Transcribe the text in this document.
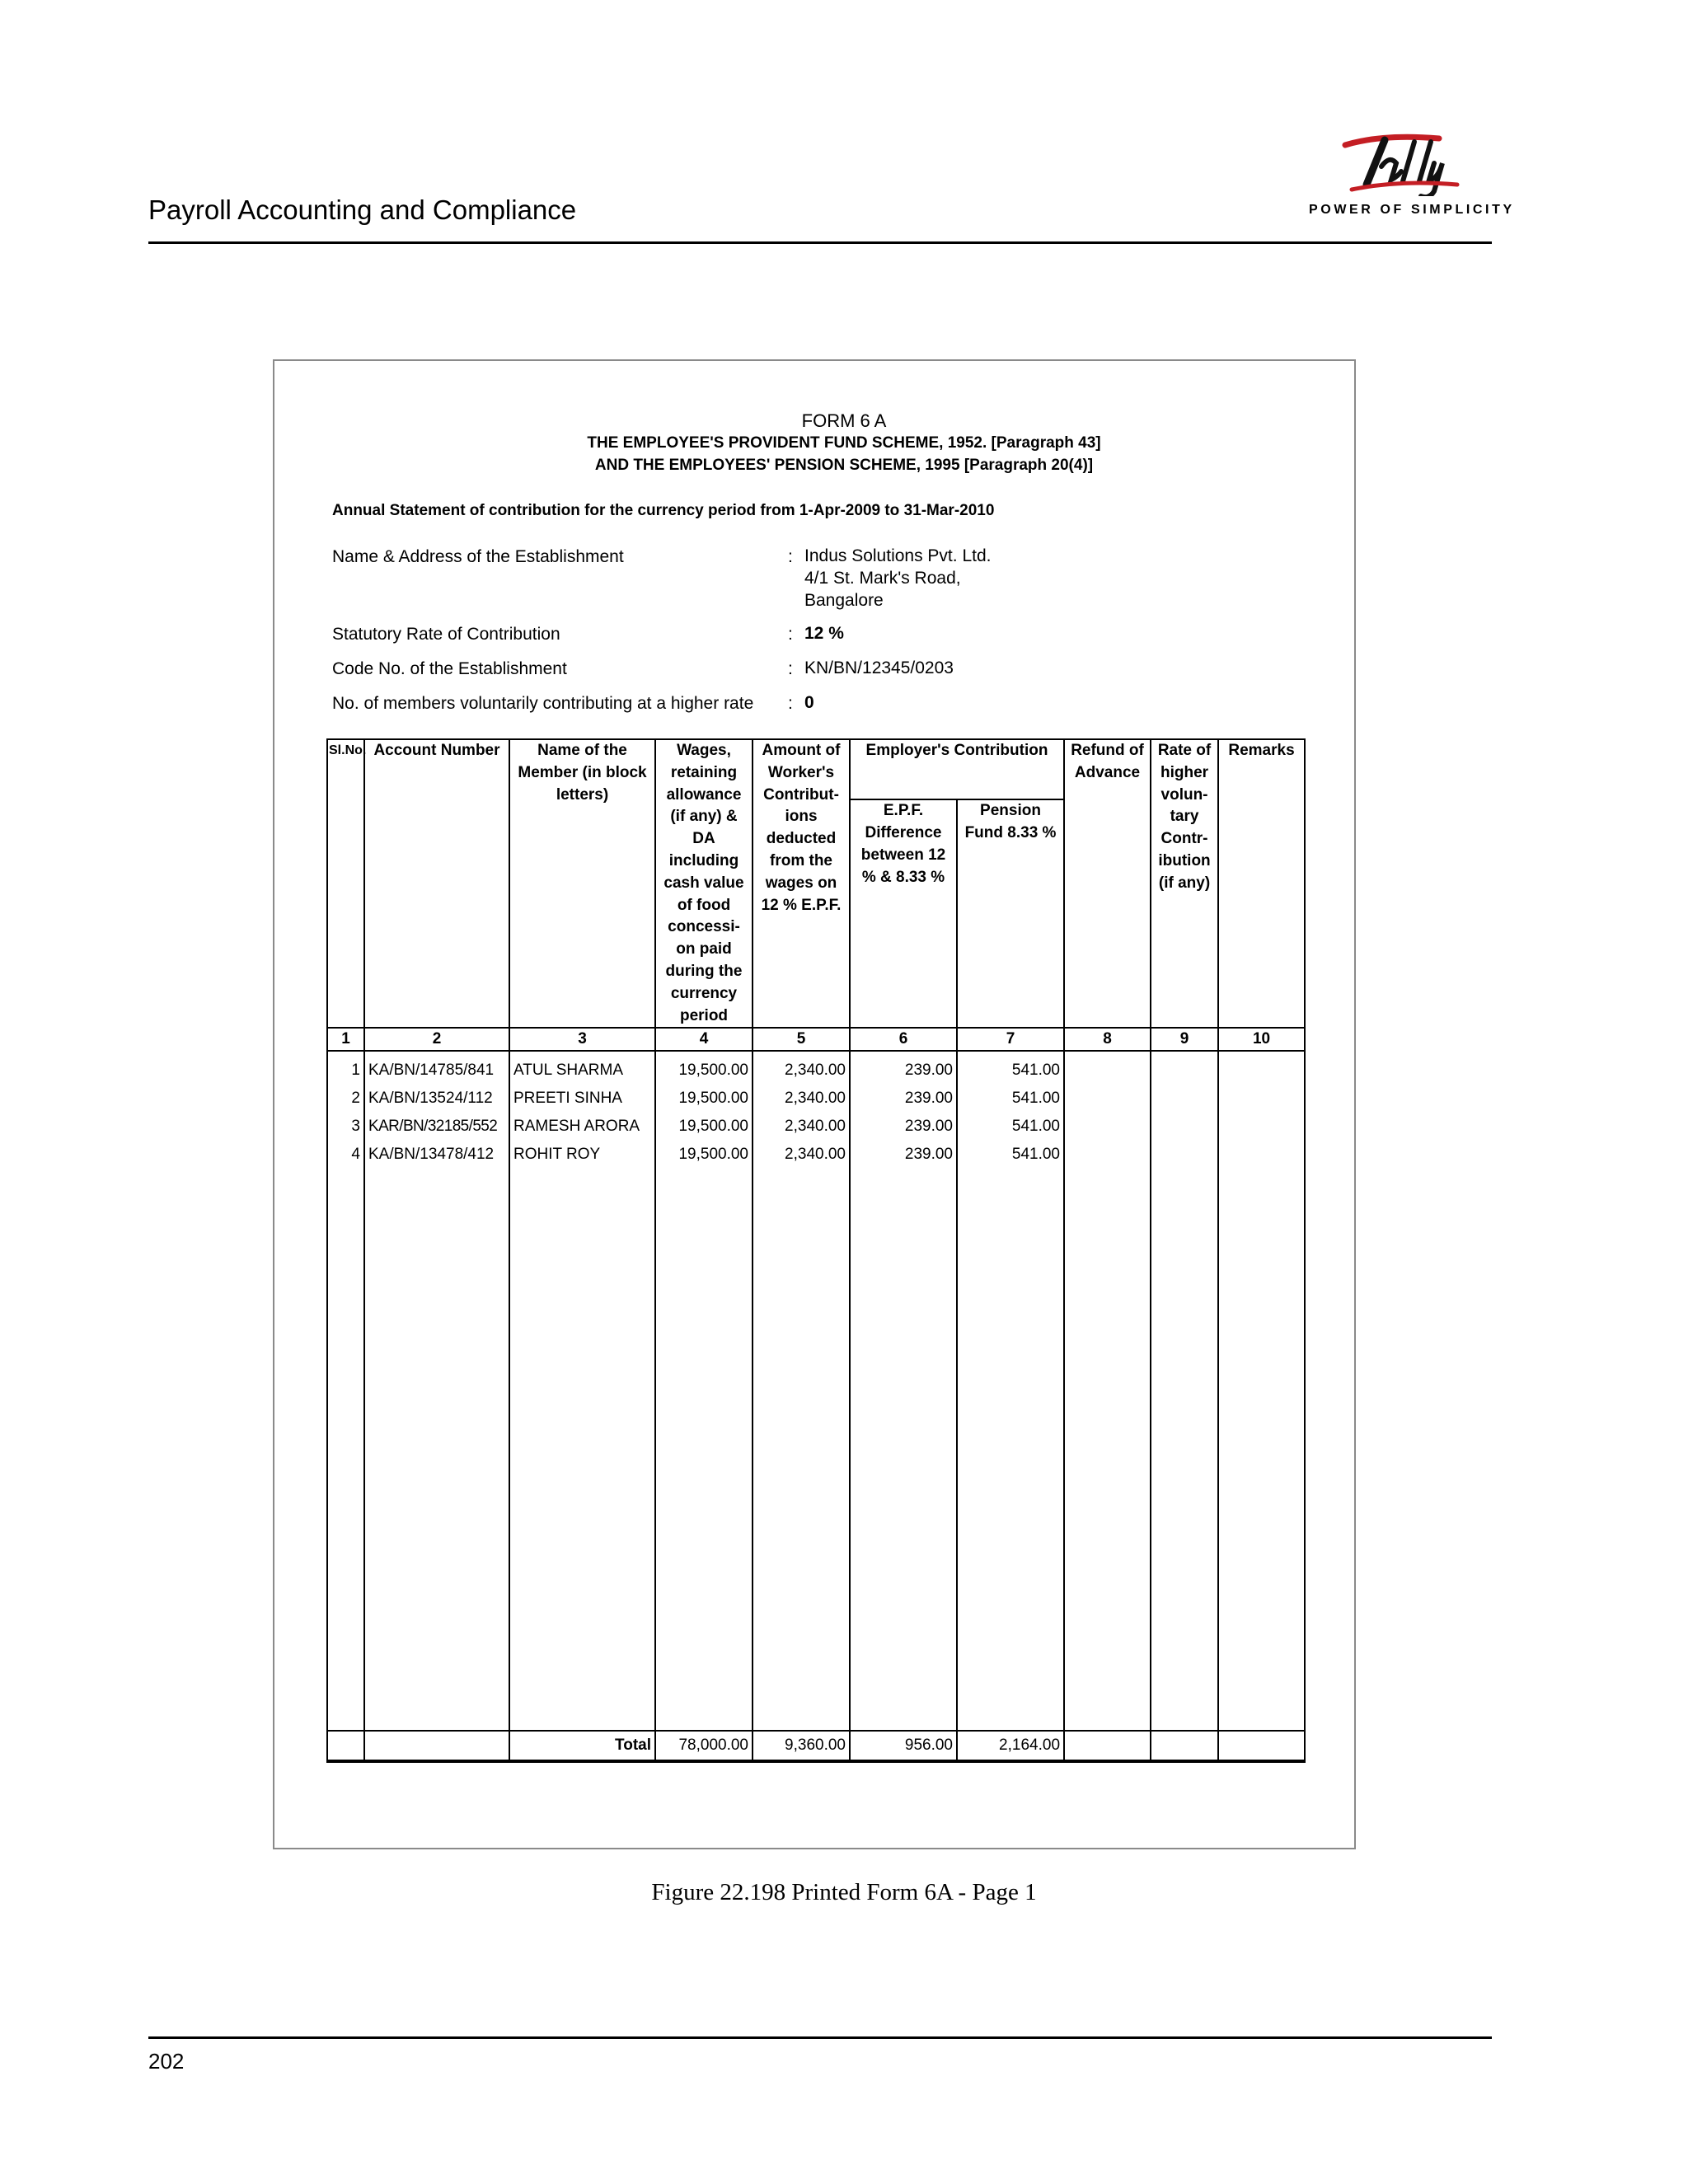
Payroll Accounting and Compliance	POWER OF SIMPLICITY
FORM 6 A
THE EMPLOYEE'S PROVIDENT FUND SCHEME, 1952. [Paragraph 43]
AND THE EMPLOYEES' PENSION SCHEME, 1995 [Paragraph 20(4)]
Annual Statement of contribution for the currency period from 1-Apr-2009 to 31-Mar-2010
Name & Address of the Establishment	: Indus Solutions Pvt. Ltd.
4/1 St. Mark's Road,
Bangalore
Statutory Rate of Contribution	: 12 %
Code No. of the Establishment	: KN/BN/12345/0203
No. of members voluntarily contributing at a higher rate : 0
Sl.No.	Account Number	Name of the Member (in block letters)	Wages, retaining allowance (if any) & DA including cash value of food concessi-on paid during the currency period	Amount of Worker's Contribut-ions deducted from the wages on 12 % E.P.F.	Employer's Contribution		Refund of Advance	Rate of higher volun-tary Contr-ibution (if any)	Remarks
					E.P.F. Difference between 12 % & 8.33 %	Pension Fund 8.33 %			
1	2	3	4	5	6	7	8	9	10
1	KA/BN/14785/841	ATUL SHARMA	19,500.00	2,340.00	239.00	541.00			
2	KA/BN/13524/112	PREETI SINHA	19,500.00	2,340.00	239.00	541.00			
3	KAR/BN/32185/552	RAMESH ARORA	19,500.00	2,340.00	239.00	541.00			
4	KA/BN/13478/412	ROHIT ROY	19,500.00	2,340.00	239.00	541.00			

		Total	78,000.00	9,360.00	956.00	2,164.00			
Figure 22.198 Printed Form 6A - Page 1
202
